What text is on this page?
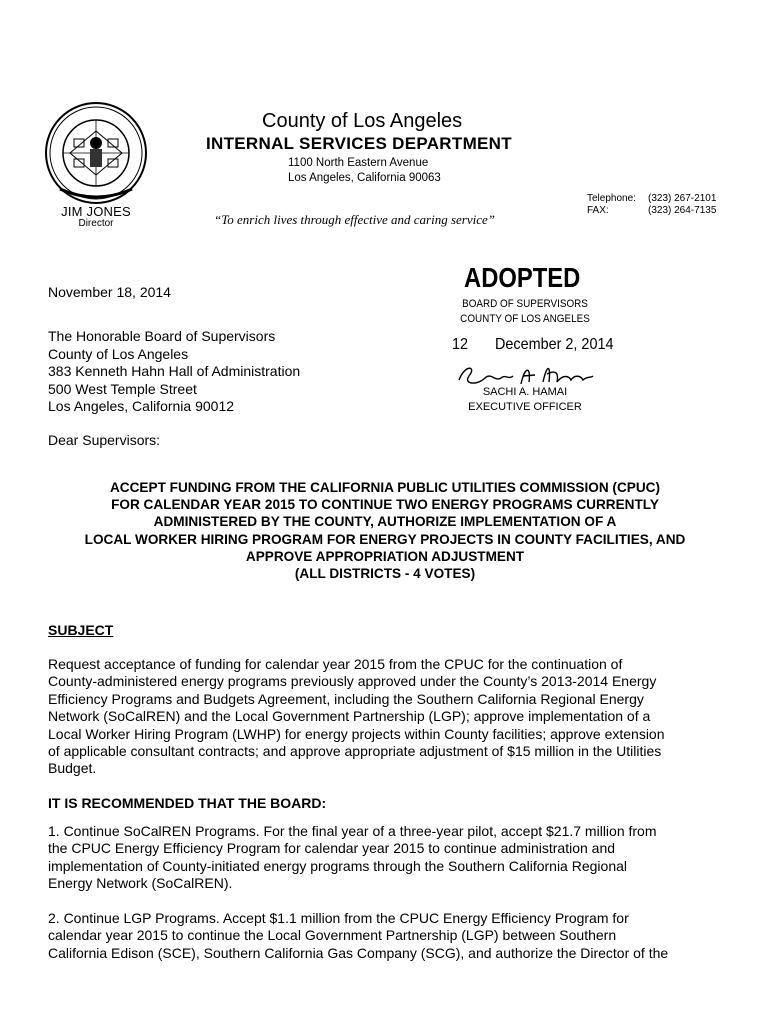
JIM JONES
Director
County of Los Angeles
INTERNAL SERVICES DEPARTMENT
1100 North Eastern Avenue
Los Angeles, California 90063
“To enrich lives through effective and caring service”
Telephone: (323) 267-2101
FAX:	(323) 264-7135
ADOPTED
BOARD OF SUPERVISORS
COUNTY OF LOS ANGELES
12 December 2, 2014
SACHI A. HAMAI
EXECUTIVE OFFICER
November 18, 2014
The Honorable Board of Supervisors
County of Los Angeles
383 Kenneth Hahn Hall of Administration
500 West Temple Street
Los Angeles, California 90012
Dear Supervisors:
ACCEPT FUNDING FROM THE CALIFORNIA PUBLIC UTILITIES COMMISSION (CPUC)
FOR CALENDAR YEAR 2015 TO CONTINUE TWO ENERGY PROGRAMS CURRENTLY
ADMINISTERED BY THE COUNTY, AUTHORIZE IMPLEMENTATION OF A
LOCAL WORKER HIRING PROGRAM FOR ENERGY PROJECTS IN COUNTY FACILITIES, AND
APPROVE APPROPRIATION ADJUSTMENT
(ALL DISTRICTS - 4 VOTES)
SUBJECT
Request acceptance of funding for calendar year 2015 from the CPUC for the continuation of
County-administered energy programs previously approved under the County’s 2013-2014 Energy
Efficiency Programs and Budgets Agreement, including the Southern California Regional Energy
Network (SoCalREN) and the Local Government Partnership (LGP); approve implementation of a
Local Worker Hiring Program (LWHP) for energy projects within County facilities; approve extension
of applicable consultant contracts; and approve appropriate adjustment of $15 million in the Utilities
Budget.
IT IS RECOMMENDED THAT THE BOARD:
1. Continue SoCalREN Programs. For the final year of a three-year pilot, accept $21.7 million from
the CPUC Energy Efficiency Program for calendar year 2015 to continue administration and
implementation of County-initiated energy programs through the Southern California Regional
Energy Network (SoCalREN).
2. Continue LGP Programs. Accept $1.1 million from the CPUC Energy Efficiency Program for
calendar year 2015 to continue the Local Government Partnership (LGP) between Southern
California Edison (SCE), Southern California Gas Company (SCG), and authorize the Director of the
